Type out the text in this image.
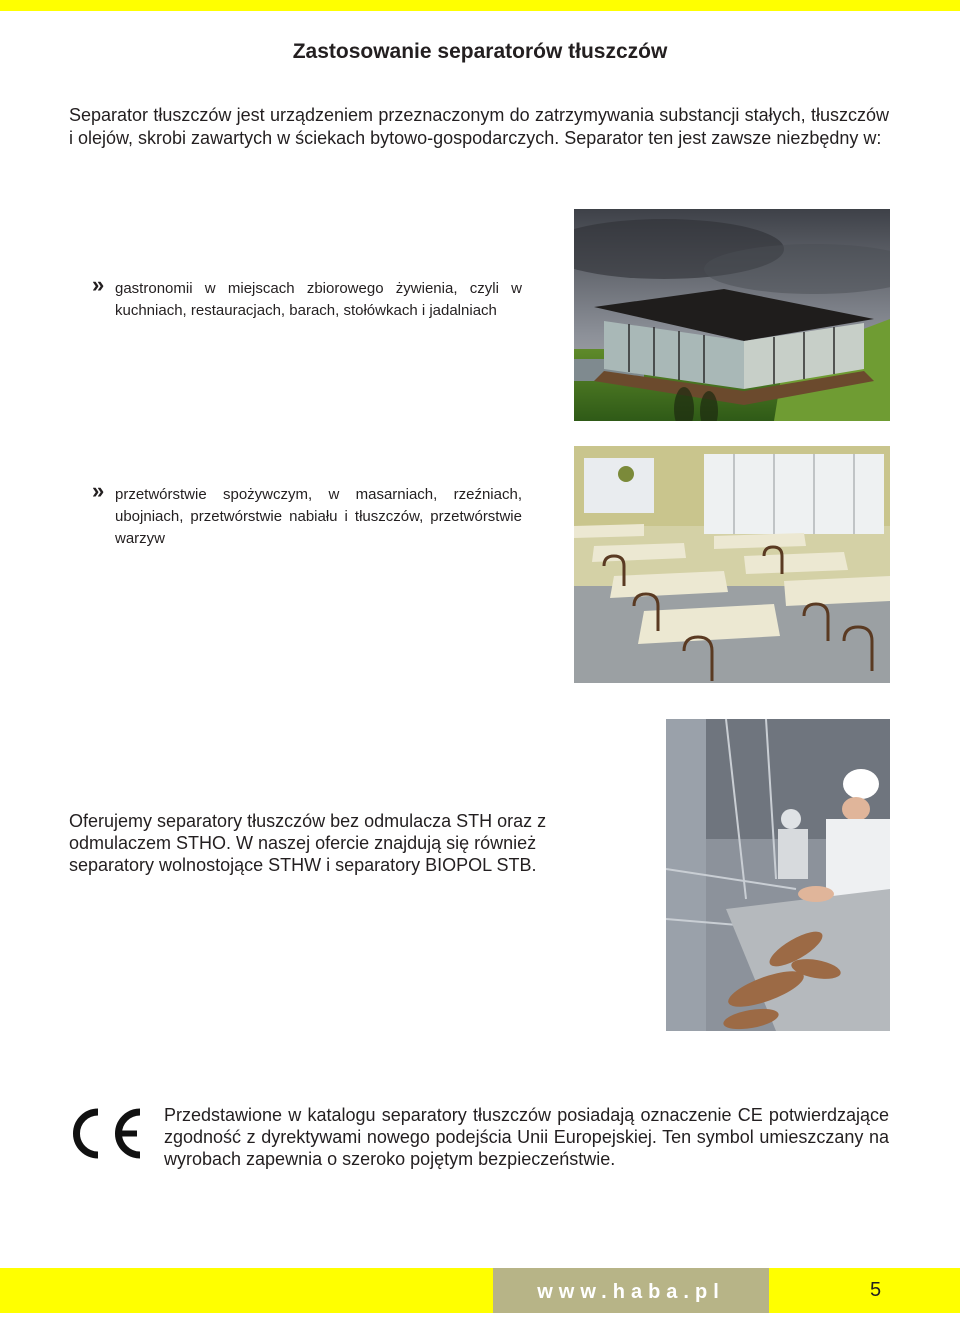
Zastosowanie separatorów tłuszczów

Separator tłuszczów jest urządzeniem przeznaczonym do zatrzymywania substancji stałych, tłuszczów i olejów, skrobi zawartych w ściekach bytowo-gospodarczych. Separator ten jest zawsze niezbędny w:

» gastronomii w miejscach zbiorowego żywienia, czyli w kuchniach, restauracjach, barach, stołówkach i jadalniach
» przetwórstwie spożywczym, w masarniach, rzeźniach, ubojniach, przetwórstwie nabiału i tłuszczów, przetwórstwie warzyw

Oferujemy separatory tłuszczów bez odmulacza STH oraz z odmulaczem STHO. W naszej ofercie znajdują się również separatory wolnostojące STHW i separatory BIOPOL STB.

Przedstawione w katalogu separatory tłuszczów posiadają oznaczenie CE potwierdzające zgodność z dyrektywami nowego podejścia Unii Europejskiej. Ten symbol umieszczany na wyrobach zapewnia o szeroko pojętym bezpieczeństwie.

www.haba.pl	5
